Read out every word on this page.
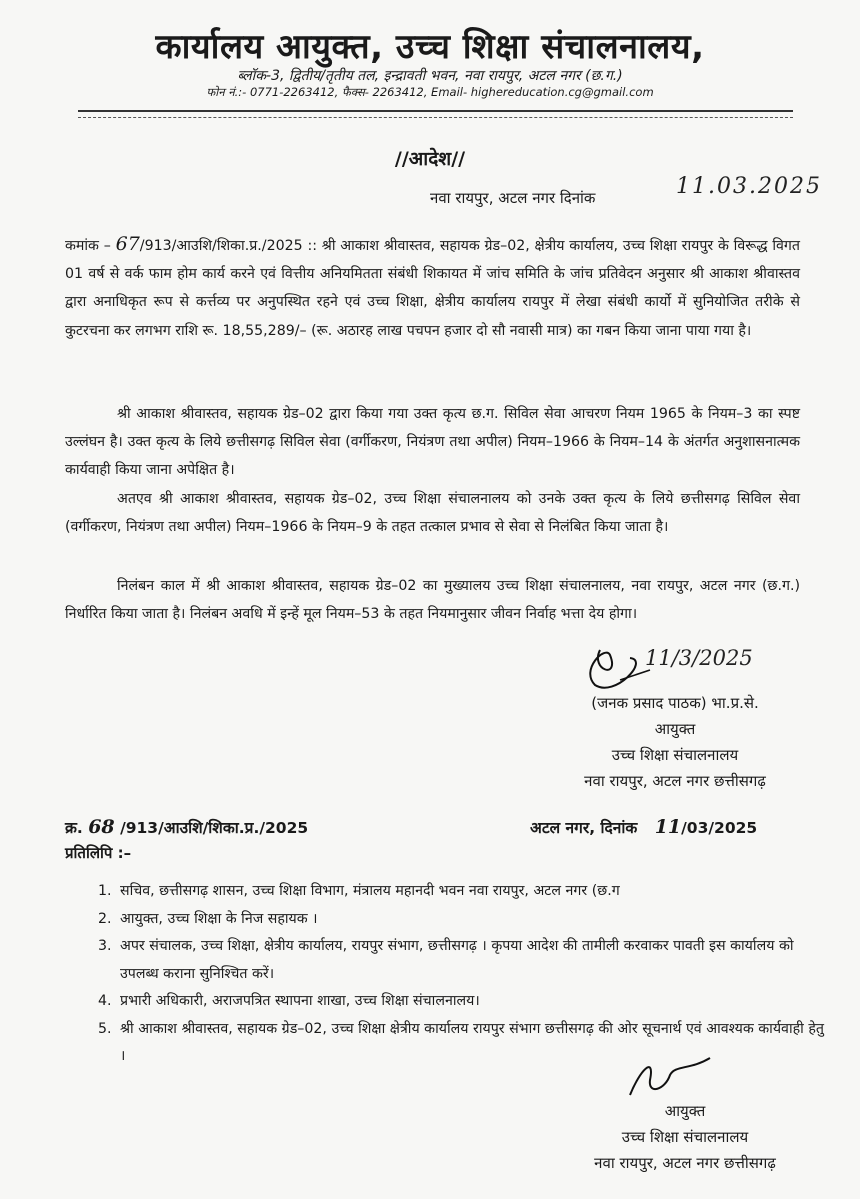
कार्यालय आयुक्त, उच्च शिक्षा संचालनालय,
ब्लॉक-3, द्वितीय/तृतीय तल, इन्द्रावती भवन, नवा रायपुर, अटल नगर (छ.ग.)
फोन नं.:- 0771-2263412, फैक्स- 2263412, Email- highereducation.cg@gmail.com
//आदेश//
नवा रायपुर, अटल नगर दिनांक	11.03.2025
कमांक – 67/913/आउशि/शिका.प्र./2025 :: श्री आकाश श्रीवास्तव, सहायक ग्रेड–02, क्षेत्रीय कार्यालय, उच्च शिक्षा रायपुर के विरूद्ध विगत 01 वर्ष से वर्क फाम होम कार्य करने एवं वित्तीय अनियमितता संबंधी शिकायत में जांच समिति के जांच प्रतिवेदन अनुसार श्री आकाश श्रीवास्तव द्वारा अनाधिकृत रूप से कर्त्तव्य पर अनुपस्थित रहने एवं उच्च शिक्षा, क्षेत्रीय कार्यालय रायपुर में लेखा संबंधी कार्यो में सुनियोजित तरीके से कुटरचना कर लगभग राशि रू. 18,55,289/– (रू. अठारह लाख पचपन हजार दो सौ नवासी मात्र) का गबन किया जाना पाया गया है।
श्री आकाश श्रीवास्तव, सहायक ग्रेड–02 द्वारा किया गया उक्त कृत्य छ.ग. सिविल सेवा आचरण नियम 1965 के नियम–3 का स्पष्ट उल्लंघन है। उक्त कृत्य के लिये छत्तीसगढ़ सिविल सेवा (वर्गीकरण, नियंत्रण तथा अपील) नियम–1966 के नियम–14 के अंतर्गत अनुशासनात्मक कार्यवाही किया जाना अपेक्षित है।
अतएव श्री आकाश श्रीवास्तव, सहायक ग्रेड–02, उच्च शिक्षा संचालनालय को उनके उक्त कृत्य के लिये छत्तीसगढ़ सिविल सेवा (वर्गीकरण, नियंत्रण तथा अपील) नियम–1966 के नियम–9 के तहत तत्काल प्रभाव से सेवा से निलंबित किया जाता है।
निलंबन काल में श्री आकाश श्रीवास्तव, सहायक ग्रेड–02 का मुख्यालय उच्च शिक्षा संचालनालय, नवा रायपुर, अटल नगर (छ.ग.) निर्धारित किया जाता है। निलंबन अवधि में इन्हें मूल नियम–53 के तहत नियमानुसार जीवन निर्वाह भत्ता देय होगा।
11/3/2025
(जनक प्रसाद पाठक) भा.प्र.से.
आयुक्त
उच्च शिक्षा संचालनालय
नवा रायपुर, अटल नगर छत्तीसगढ़
क्र. 68 /913/आउशि/शिका.प्र./2025	अटल नगर, दिनांक 11/03/2025
प्रतिलिपि :–
1. सचिव, छत्तीसगढ़ शासन, उच्च शिक्षा विभाग, मंत्रालय महानदी भवन नवा रायपुर, अटल नगर (छ.ग
2. आयुक्त, उच्च शिक्षा के निज सहायक ।
3. अपर संचालक, उच्च शिक्षा, क्षेत्रीय कार्यालय, रायपुर संभाग, छत्तीसगढ़ । कृपया आदेश की तामीली करवाकर पावती इस कार्यालय को उपलब्ध कराना सुनिश्चित करें।
4. प्रभारी अधिकारी, अराजपत्रित स्थापना शाखा, उच्च शिक्षा संचालनालय।
5. श्री आकाश श्रीवास्तव, सहायक ग्रेड–02, उच्च शिक्षा क्षेत्रीय कार्यालय रायपुर संभाग छत्तीसगढ़ की ओर सूचनार्थ एवं आवश्यक कार्यवाही हेतु ।
आयुक्त
उच्च शिक्षा संचालनालय
नवा रायपुर, अटल नगर छत्तीसगढ़
